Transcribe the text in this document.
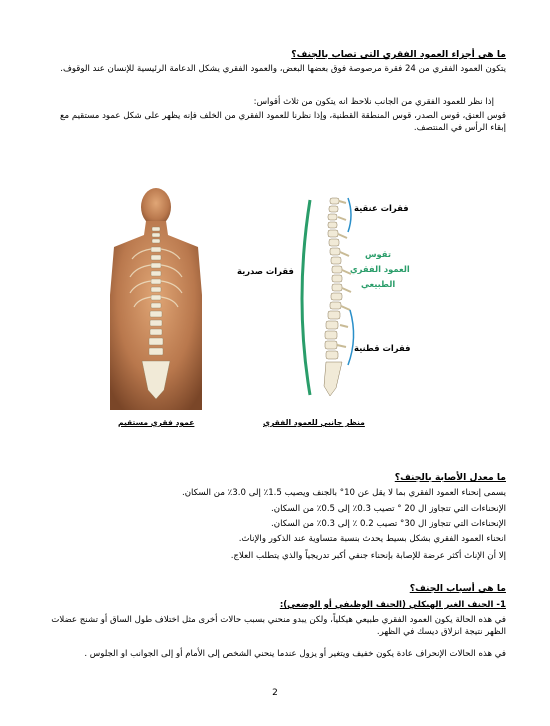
ما هي أجزاء العمود الفقري التي تصاب بالجنف؟
يتكون العمود الفقري من 24 فقرة مرصوصة فوق بعضها البعض، والعمود الفقري يشكل الدعامة الرئيسية للإنسان عند الوقوف.
إذا نظر للعمود الفقري من الجانب نلاحظ انه يتكون من ثلاث أقواس:
قوس العنق، قوس الصدر، قوس المنطقة القطنية، وإذا نظرنا للعمود الفقري من الخلف فإنه يظهر على شكل عمود مستقيم مع إبقاء الرأس في المنتصف.
عمود فقري مستقيم
فقرات عنقية
فقرات صدرية
فقرات قطنية
تقوس
العمود الفقري
الطبيعي
منظر جانبي للعمود الفقري
ما معدل الأصابة بالجنف؟
يسمى إنحناء العمود الفقري بما لا يقل عن 10° بالجنف ويصيب 1.5٪ إلى 3.0٪ من السكان.
الإنحناءات التي تتجاوز ال 20 ° تصيب 0.3٪ إلى 0.5٪ من السكان.
الإنحناءات التي تتجاوز ال 30° تصيب 0.2 ٪ إلى 0.3٪ من السكان.
انحناء العمود الفقري بشكل بسيط يحدث بنسبة متساوية عند الذكور والإناث.
إلا أن الإناث أكثر عرضة للإصابة بإنحناء جنفي أكبر تدريجياً والذي يتطلب العلاج.
ما هي أسباب الجنف؟
1- الجنف الغير الهيكلي (الجنف الوظيفي أو الوضعي):
في هذه الحالة يكون العمود الفقري طبيعي هيكلياً، ولكن يبدو منحني بسبب حالات أخرى مثل اختلاف طول الساق أو تشنج عضلات الظهر نتيجة انزلاق ديسك في الظهر.
في هذه الحالات الإنحراف عادة يكون خفيف ويتغير أو يزول عندما ينحني الشخص إلى الأمام أو إلى الجوانب او الجلوس .
2
